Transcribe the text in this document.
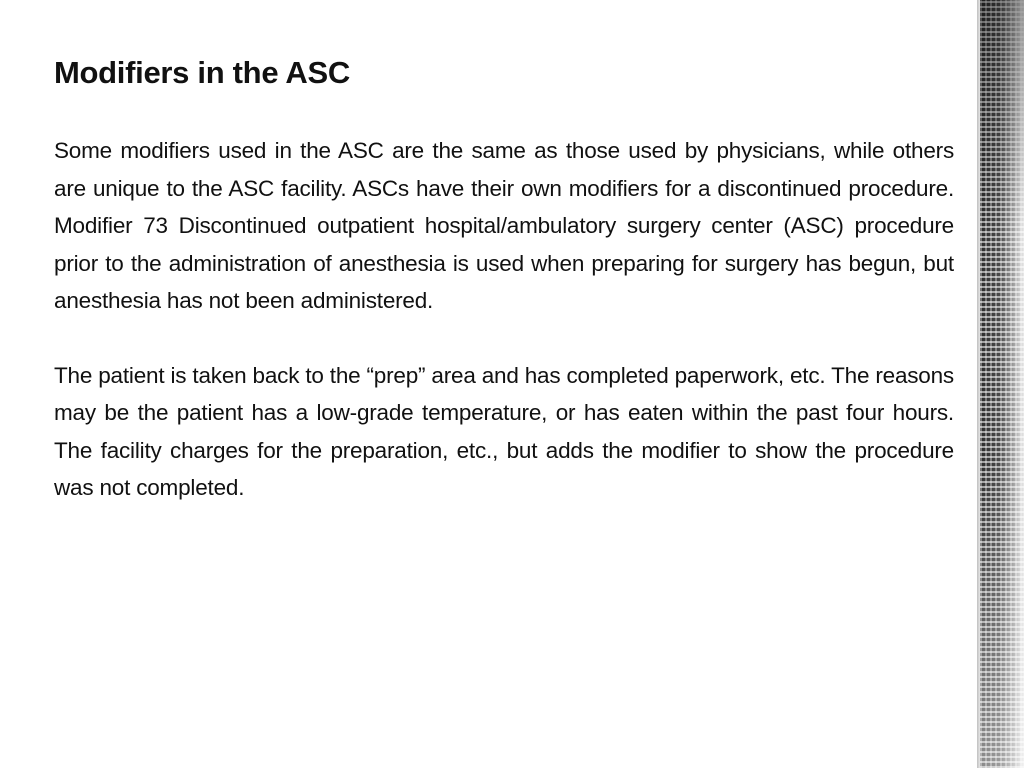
Modifiers in the ASC

Some modifiers used in the ASC are the same as those used by physicians, while others are unique to the ASC facility. ASCs have their own modifiers for a discontinued procedure. Modifier 73 Discontinued outpatient hospital/ambulatory surgery center (ASC) procedure prior to the administration of anesthesia is used when preparing for surgery has begun, but anesthesia has not been administered.

The patient is taken back to the “prep” area and has completed paperwork, etc. The reasons may be the patient has a low-grade temperature, or has eaten within the past four hours. The facility charges for the preparation, etc., but adds the modifier to show the procedure was not completed.
